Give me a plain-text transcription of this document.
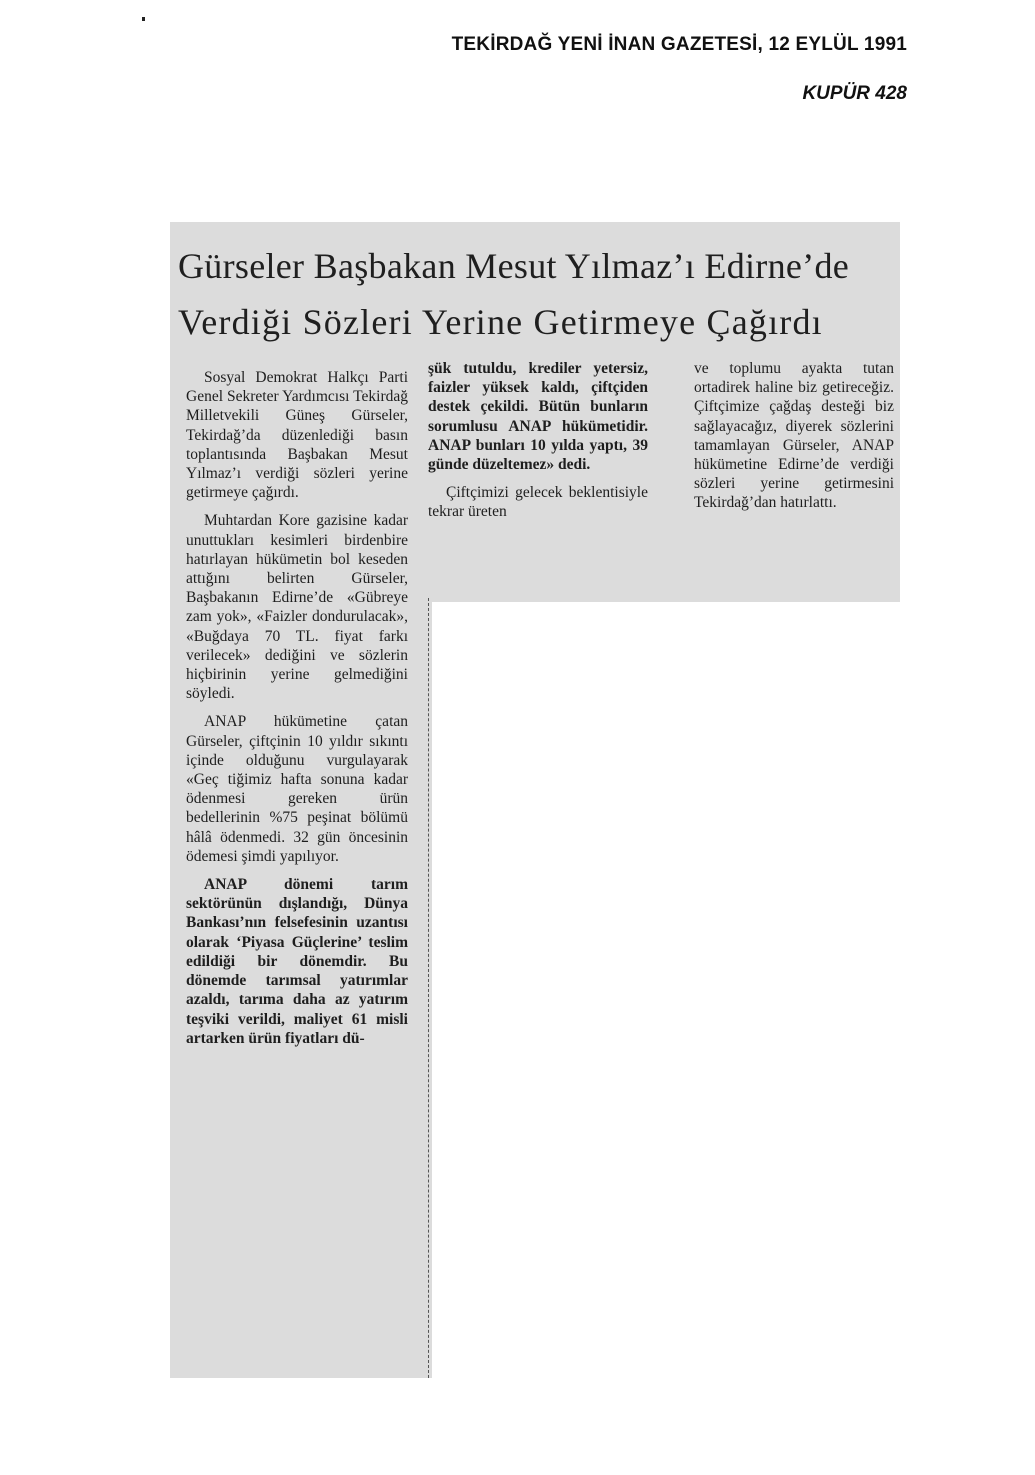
TEKİRDAĞ YENİ İNAN GAZETESİ, 12 EYLÜL 1991
KUPÜR 428
Gürseler Başbakan Mesut Yılmaz’ı Edirne’de
Verdiği Sözleri Yerine Getirmeye Çağırdı

Sosyal Demokrat Halkçı Parti Genel Sekreter Yardımcısı Tekirdağ Milletvekili Güneş Gürseler, Tekirdağ’da düzenlediği basın toplantısında Başbakan Mesut Yılmaz’ı verdiği sözleri yerine getirmeye çağırdı.

Muhtardan Kore gazisine kadar unuttukları kesimleri birdenbire hatırlayan hükümetin bol keseden attığını belirten Gürseler, Başbakanın Edirne’de «Gübreye zam yok», «Faizler dondurulacak», «Buğdaya 70 TL. fiyat farkı verilecek» dediğini ve sözlerin hiçbirinin yerine gelmediğini söyledi.

ANAP hükümetine çatan Gürseler, çiftçinin 10 yıldır sıkıntı içinde olduğunu vurgulayarak «Geç tiğimiz hafta sonuna kadar ödenmesi gereken ürün bedellerinin %75 peşinat bölümü hâlâ ödenmedi. 32 gün öncesinin ödemesi şimdi yapılıyor.

ANAP dönemi tarım sektörünün dışlandığı, Dünya Bankası’nın felsefesinin uzantısı olarak ‘Piyasa Güçlerine’ teslim edildiği bir dönemdir. Bu dönemde tarımsal yatırımlar azaldı, tarıma daha az yatırım teşviki verildi, maliyet 61 misli artarken ürün fiyatları dü-

şük tutuldu, krediler yetersiz, faizler yüksek kaldı, çiftçiden destek çekildi. Bütün bunların sorumlusu ANAP hükümetidir. ANAP bunları 10 yılda yaptı, 39 günde düzeltemez» dedi.

Çiftçimizi gelecek beklentisiyle tekrar üreten

ve toplumu ayakta tutan ortadirek haline biz getireceğiz. Çiftçimize çağdaş desteği biz sağlayacağız, diyerek sözlerini tamamlayan Gürseler, ANAP hükümetine Edirne’de verdiği sözleri yerine getirmesini Tekirdağ’dan hatırlattı.
